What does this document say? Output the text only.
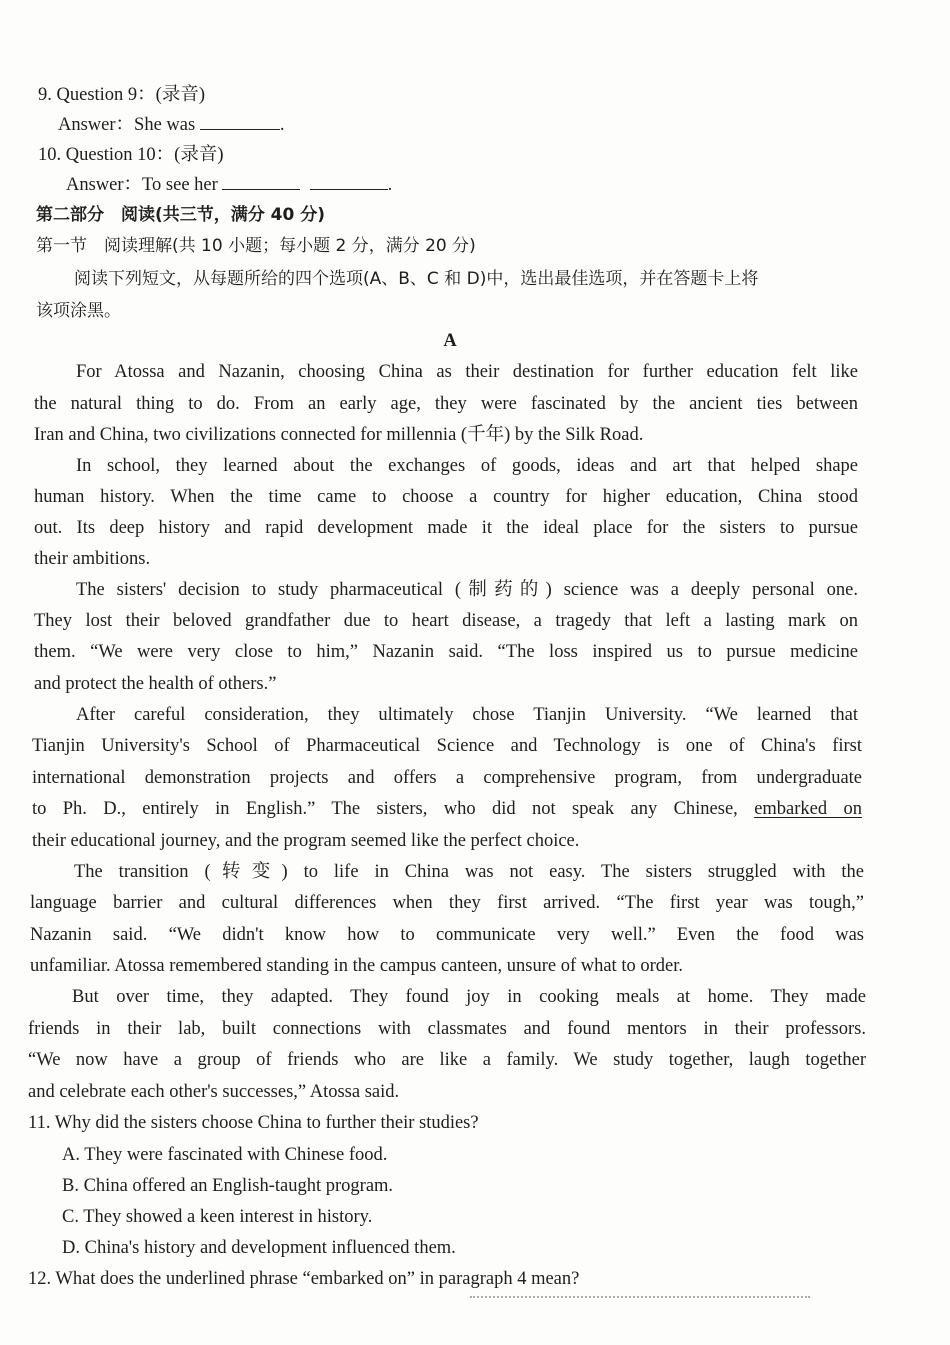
9. Question 9：(录音)
Answer：She was	.
10. Question 10：(录音)
Answer：To see her	.
第二部分　阅读(共三节，满分 40 分)
第一节　阅读理解(共 10 小题；每小题 2 分，满分 20 分)
阅读下列短文，从每题所给的四个选项(A、B、C 和 D)中，选出最佳选项，并在答题卡上将
该项涂黑。
A
For Atossa and Nazanin, choosing China as their destination for further education felt like
the natural thing to do. From an early age, they were fascinated by the ancient ties between
Iran and China, two civilizations connected for millennia (千年) by the Silk Road.
In school, they learned about the exchanges of goods, ideas and art that helped shape
human history. When the time came to choose a country for higher education, China stood
out. Its deep history and rapid development made it the ideal place for the sisters to pursue
their ambitions.
The sisters' decision to study pharmaceutical (制药的) science was a deeply personal one.
They lost their beloved grandfather due to heart disease, a tragedy that left a lasting mark on
them. “We were very close to him,” Nazanin said. “The loss inspired us to pursue medicine
and protect the health of others.”
After careful consideration, they ultimately chose Tianjin University. “We learned that
Tianjin University's School of Pharmaceutical Science and Technology is one of China's first
international demonstration projects and offers a comprehensive program, from undergraduate
to Ph. D., entirely in English.” The sisters, who did not speak any Chinese, embarked on
their educational journey, and the program seemed like the perfect choice.
The transition (转变) to life in China was not easy. The sisters struggled with the
language barrier and cultural differences when they first arrived. “The first year was tough,”
Nazanin said. “We didn't know how to communicate very well.” Even the food was
unfamiliar. Atossa remembered standing in the campus canteen, unsure of what to order.
But over time, they adapted. They found joy in cooking meals at home. They made
friends in their lab, built connections with classmates and found mentors in their professors.
“We now have a group of friends who are like a family. We study together, laugh together
and celebrate each other's successes,” Atossa said.
11. Why did the sisters choose China to further their studies?
A. They were fascinated with Chinese food.
B. China offered an English-taught program.
C. They showed a keen interest in history.
D. China's history and development influenced them.
12. What does the underlined phrase “embarked on” in paragraph 4 mean?
